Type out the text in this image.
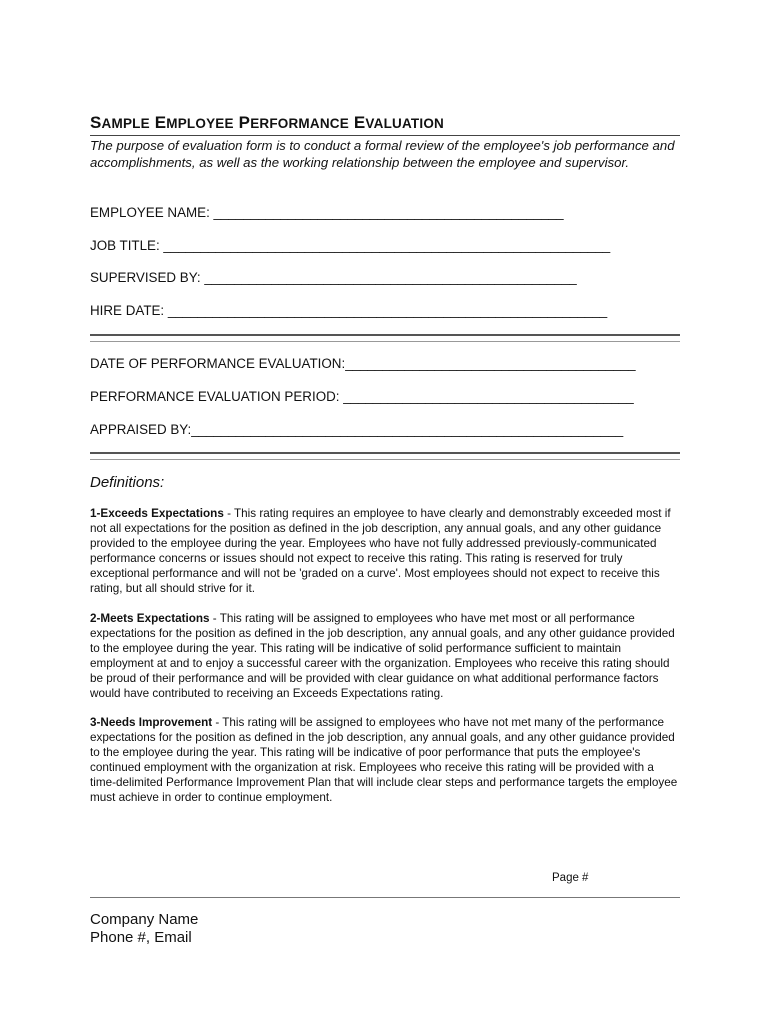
SAMPLE EMPLOYEE PERFORMANCE EVALUATION
The purpose of evaluation form is to conduct a formal review of the employee's job performance and accomplishments, as well as the working relationship between the employee and supervisor.
EMPLOYEE NAME: _______________________________________________
JOB TITLE: ____________________________________________________________
SUPERVISED BY: __________________________________________________
HIRE DATE: ___________________________________________________________
DATE OF PERFORMANCE EVALUATION:_______________________________________
PERFORMANCE EVALUATION PERIOD: _______________________________________
APPRAISED BY:__________________________________________________________
Definitions:
1-Exceeds Expectations - This rating requires an employee to have clearly and demonstrably exceeded most if not all expectations for the position as defined in the job description, any annual goals, and any other guidance provided to the employee during the year. Employees who have not fully addressed previously-communicated performance concerns or issues should not expect to receive this rating. This rating is reserved for truly exceptional performance and will not be 'graded on a curve'. Most employees should not expect to receive this rating, but all should strive for it.
2-Meets Expectations - This rating will be assigned to employees who have met most or all performance expectations for the position as defined in the job description, any annual goals, and any other guidance provided to the employee during the year. This rating will be indicative of solid performance sufficient to maintain employment at and to enjoy a successful career with the organization. Employees who receive this rating should be proud of their performance and will be provided with clear guidance on what additional performance factors would have contributed to receiving an Exceeds Expectations rating.
3-Needs Improvement - This rating will be assigned to employees who have not met many of the performance expectations for the position as defined in the job description, any annual goals, and any other guidance provided to the employee during the year. This rating will be indicative of poor performance that puts the employee's continued employment with the organization at risk. Employees who receive this rating will be provided with a time-delimited Performance Improvement Plan that will include clear steps and performance targets the employee must achieve in order to continue employment.
Page #
Company Name
Phone #, Email
